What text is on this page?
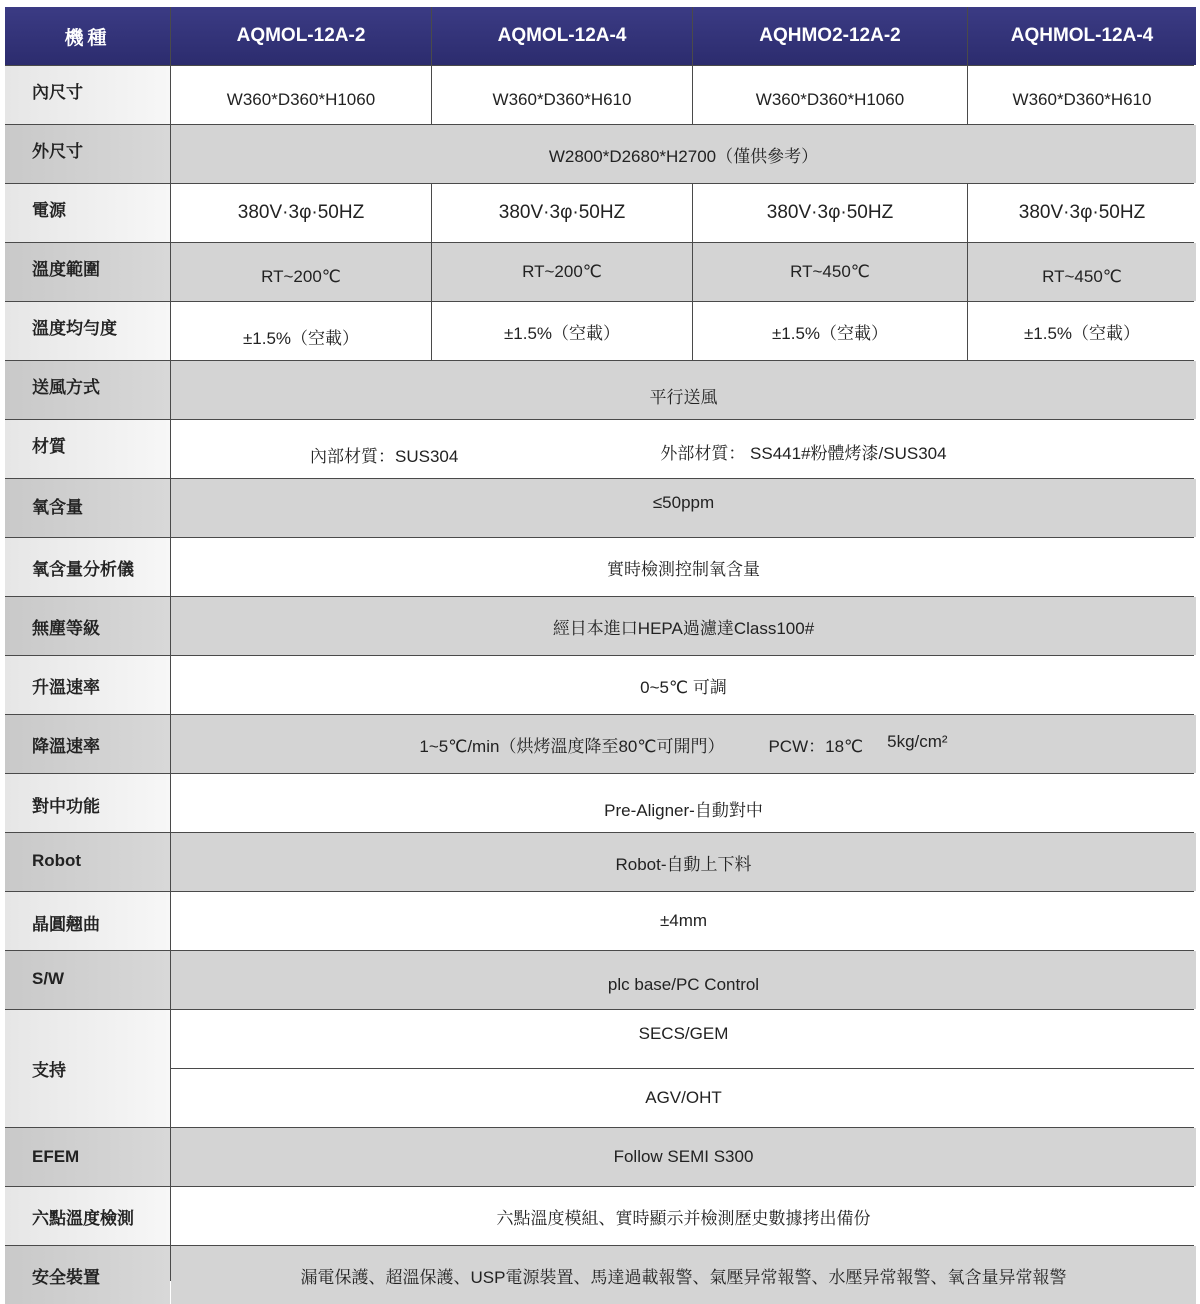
機種	AQMOL-12A-2	AQMOL-12A-4	AQHMO2-12A-2	AQHMOL-12A-4
內尺寸	W360*D360*H1060	W360*D360*H610	W360*D360*H1060	W360*D360*H610
外尺寸	W2800*D2680*H2700（僅供參考）
電源	380V·3φ·50HZ	380V·3φ·50HZ	380V·3φ·50HZ	380V·3φ·50HZ
溫度範圍	RT~200℃	RT~200℃	RT~450℃	RT~450℃
溫度均勻度	±1.5%（空載）	±1.5%（空載）	±1.5%（空載）	±1.5%（空載）
送風方式	平行送風
材質	內部材質：SUS304	外部材質： SS441#粉體烤漆/SUS304
氧含量	≤50ppm
氧含量分析儀	實時檢測控制氧含量
無塵等級	經日本進口HEPA過濾達Class100#
升溫速率	0~5℃ 可調
降溫速率	1~5℃/min（烘烤溫度降至80℃可開門）	PCW：18℃ 5kg/cm²
對中功能	Pre-Aligner-自動對中
Robot	Robot-自動上下料
晶圓翹曲	±4mm
S/W	plc base/PC Control
支持
SECS/GEM
AGV/OHT
EFEM	Follow SEMI S300
六點溫度檢測	六點溫度模組、實時顯示并檢測歷史數據拷出備份
安全裝置	漏電保護、超溫保護、USP電源裝置、馬達過載報警、氣壓异常報警、水壓异常報警、氧含量异常報警
